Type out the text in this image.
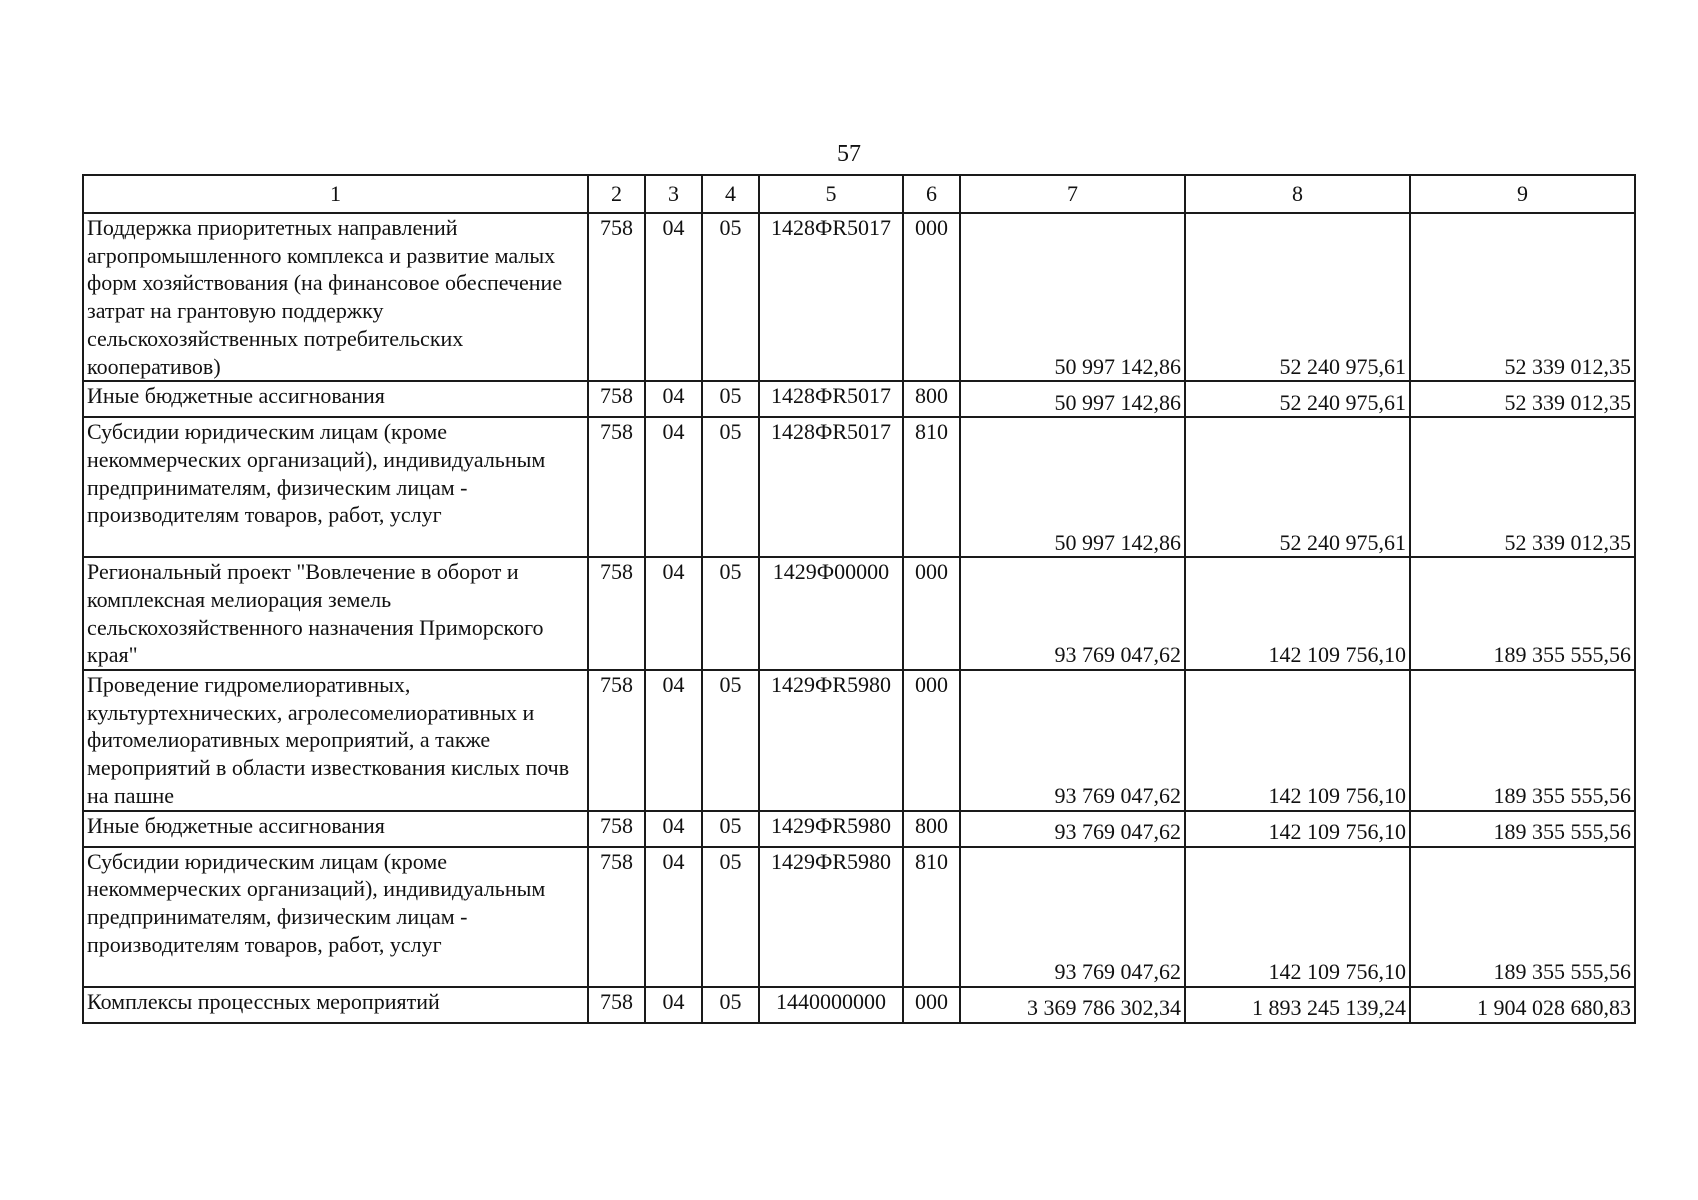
57
1	2	3	4	5	6	7	8	9
Поддержка приоритетных направлений агропромышленного комплекса и развитие малых форм хозяйствования (на финансовое обеспечение затрат на грантовую поддержку сельскохозяйственных потребительских кооперативов)	758	04	05	1428ФR5017	000	50 997 142,86	52 240 975,61	52 339 012,35
Иные бюджетные ассигнования	758	04	05	1428ФR5017	800	50 997 142,86	52 240 975,61	52 339 012,35
Субсидии юридическим лицам (кроме некоммерческих организаций), индивидуальным предпринимателям, физическим лицам - производителям товаров, работ, услуг	758	04	05	1428ФR5017	810	50 997 142,86	52 240 975,61	52 339 012,35
Региональный проект "Вовлечение в оборот и комплексная мелиорация земель сельскохозяйственного назначения Приморского края"	758	04	05	1429Ф00000	000	93 769 047,62	142 109 756,10	189 355 555,56
Проведение гидромелиоративных, культуртехнических, агролесомелиоративных и фитомелиоративных мероприятий, а также мероприятий в области известкования кислых почв на пашне	758	04	05	1429ФR5980	000	93 769 047,62	142 109 756,10	189 355 555,56
Иные бюджетные ассигнования	758	04	05	1429ФR5980	800	93 769 047,62	142 109 756,10	189 355 555,56
Субсидии юридическим лицам (кроме некоммерческих организаций), индивидуальным предпринимателям, физическим лицам - производителям товаров, работ, услуг	758	04	05	1429ФR5980	810	93 769 047,62	142 109 756,10	189 355 555,56
Комплексы процессных мероприятий	758	04	05	1440000000	000	3 369 786 302,34	1 893 245 139,24	1 904 028 680,83
